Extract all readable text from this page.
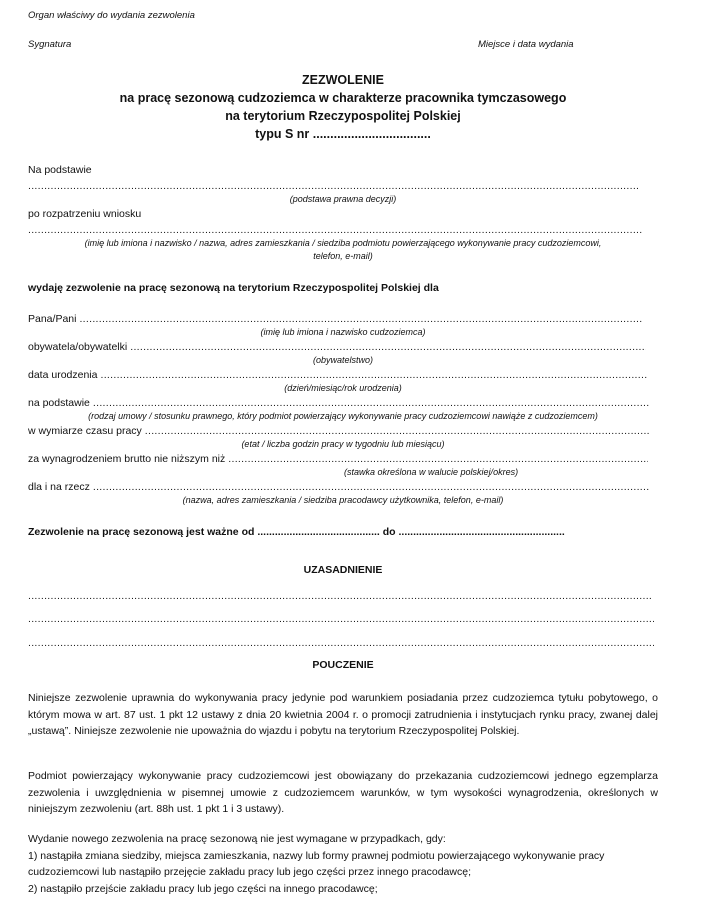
Organ właściwy do wydania zezwolenia
Sygnatura	Miejsce i data wydania
ZEZWOLENIE
na pracę sezonową cudzoziemca w charakterze pracownika tymczasowego
na terytorium Rzeczypospolitej Polskiej
typu S nr ..................................
Na podstawie
.....
(podstawa prawna decyzji)
po rozpatrzeniu wniosku
.....
(imię lub imiona i nazwisko / nazwa, adres zamieszkania / siedziba podmiotu powierzającego wykonywanie pracy cudzoziemcowi,
telefon, e-mail)
wydaję zezwolenie na pracę sezonową na terytorium Rzeczypospolitej Polskiej dla
Pana/Pani
.....
(imię lub imiona i nazwisko cudzoziemca)
obywatela/obywatelki
.....
(obywatelstwo)
data urodzenia
.....
(dzień/miesiąc/rok urodzenia)
na podstawie
.....
(rodzaj umowy / stosunku prawnego, który podmiot powierzający wykonywanie pracy cudzoziemcowi nawiąże z cudzoziemcem)
w wymiarze czasu pracy
.....
(etat / liczba godzin pracy w tygodniu lub miesiącu)
za wynagrodzeniem brutto nie niższym niż
.....
(stawka określona w walucie polskiej/okres)
dla i na rzecz
.....
(nazwa, adres zamieszkania / siedziba pracodawcy użytkownika, telefon, e-mail)
Zezwolenie na pracę sezonową jest ważne od .......................................... do .........................................................
UZASADNIENIE
.....
.....
.....
POUCZENIE
Niniejsze zezwolenie uprawnia do wykonywania pracy jedynie pod warunkiem posiadania przez cudzoziemca tytułu pobytowego, o którym mowa w art. 87 ust. 1 pkt 12 ustawy z dnia 20 kwietnia 2004 r. o promocji zatrudnienia i instytucjach rynku pracy, zwanej dalej „ustawą”. Niniejsze zezwolenie nie upoważnia do wjazdu i pobytu na terytorium Rzeczypospolitej Polskiej.
Podmiot powierzający wykonywanie pracy cudzoziemcowi jest obowiązany do przekazania cudzoziemcowi jednego egzemplarza zezwolenia i uwzględnienia w pisemnej umowie z cudzoziemcem warunków, w tym wysokości wynagrodzenia, określonych w niniejszym zezwoleniu (art. 88h ust. 1 pkt 1 i 3 ustawy).
Wydanie nowego zezwolenia na pracę sezonową nie jest wymagane w przypadkach, gdy:
1) nastąpiła zmiana siedziby, miejsca zamieszkania, nazwy lub formy prawnej podmiotu powierzającego wykonywanie pracy
cudzoziemcowi lub nastąpiło przejęcie zakładu pracy lub jego części przez innego pracodawcę;
2) nastąpiło przejście zakładu pracy lub jego części na innego pracodawcę;
